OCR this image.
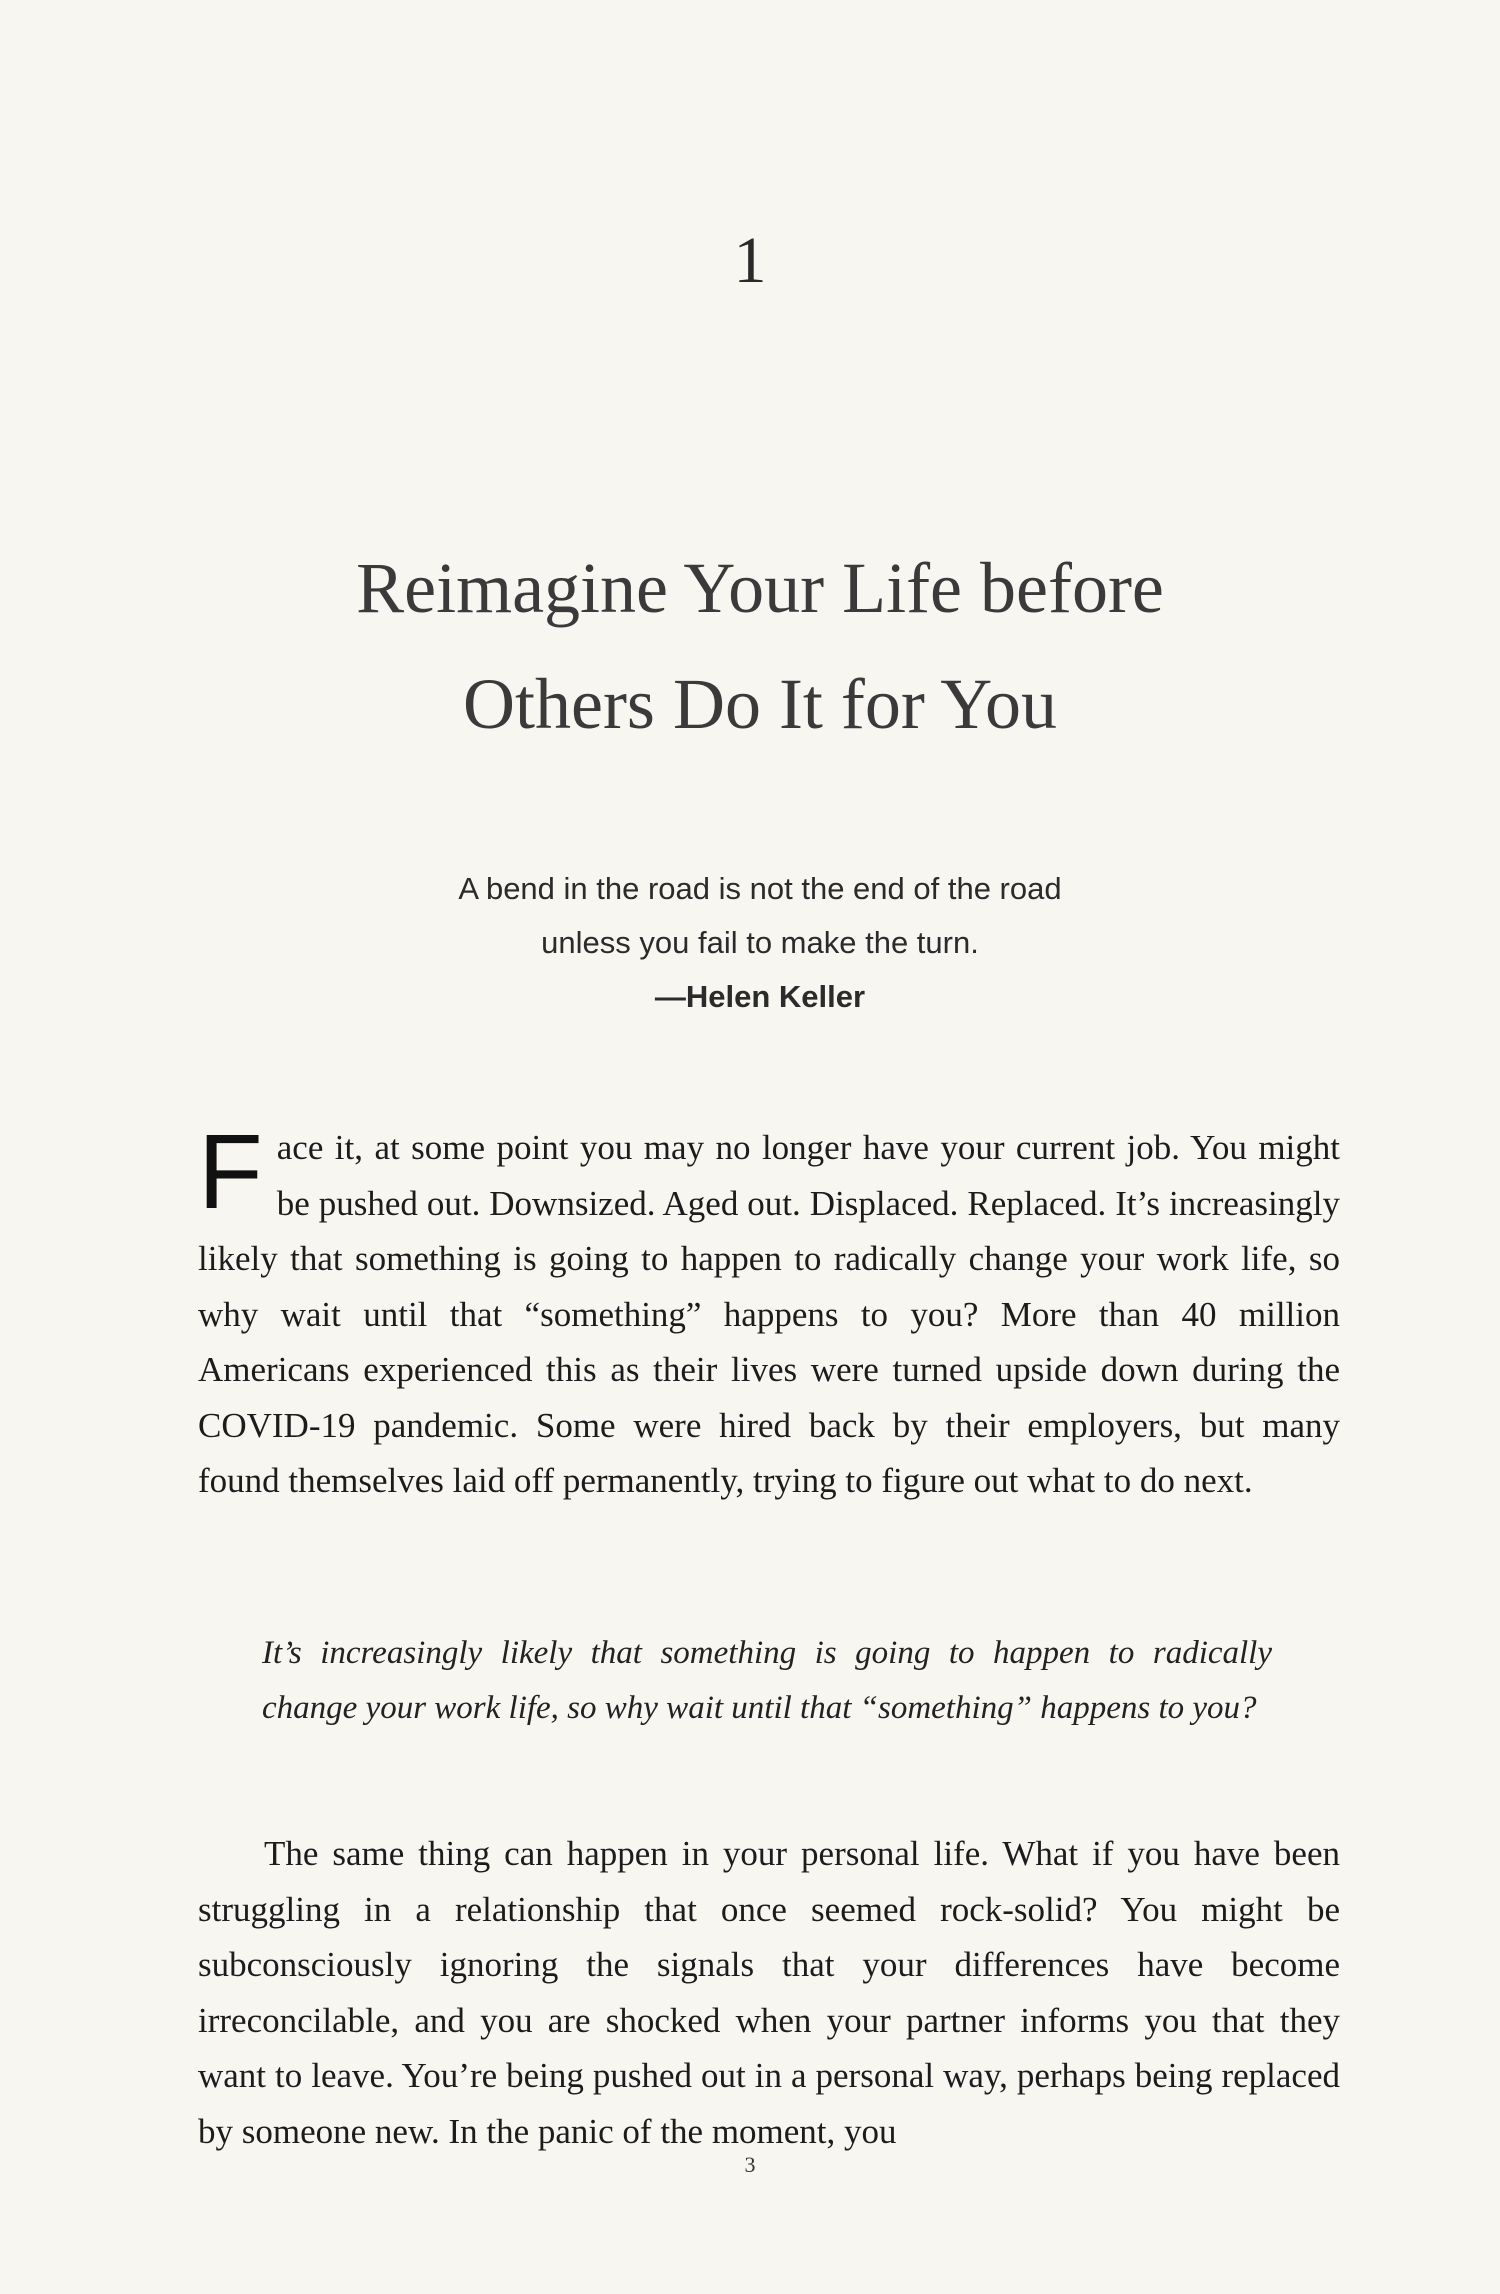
1
Reimagine Your Life before
Others Do It for You
A bend in the road is not the end of the road
unless you fail to make the turn.
—Helen Keller

Face it, at some point you may no longer have your current job. You might be pushed out. Downsized. Aged out. Displaced. Replaced. It’s increasingly likely that something is going to happen to radically change your work life, so why wait until that “something” happens to you? More than 40 million Americans experienced this as their lives were turned upside down during the COVID-19 pandemic. Some were hired back by their employers, but many found themselves laid off permanently, trying to figure out what to do next.

It’s increasingly likely that something is going to happen to radically change your work life, so why wait until that “something” happens to you?

The same thing can happen in your personal life. What if you have been struggling in a relationship that once seemed rock-solid? You might be subconsciously ignoring the signals that your differences have become irreconcilable, and you are shocked when your partner informs you that they want to leave. You’re being pushed out in a personal way, perhaps being replaced by someone new. In the panic of the moment, you

3
